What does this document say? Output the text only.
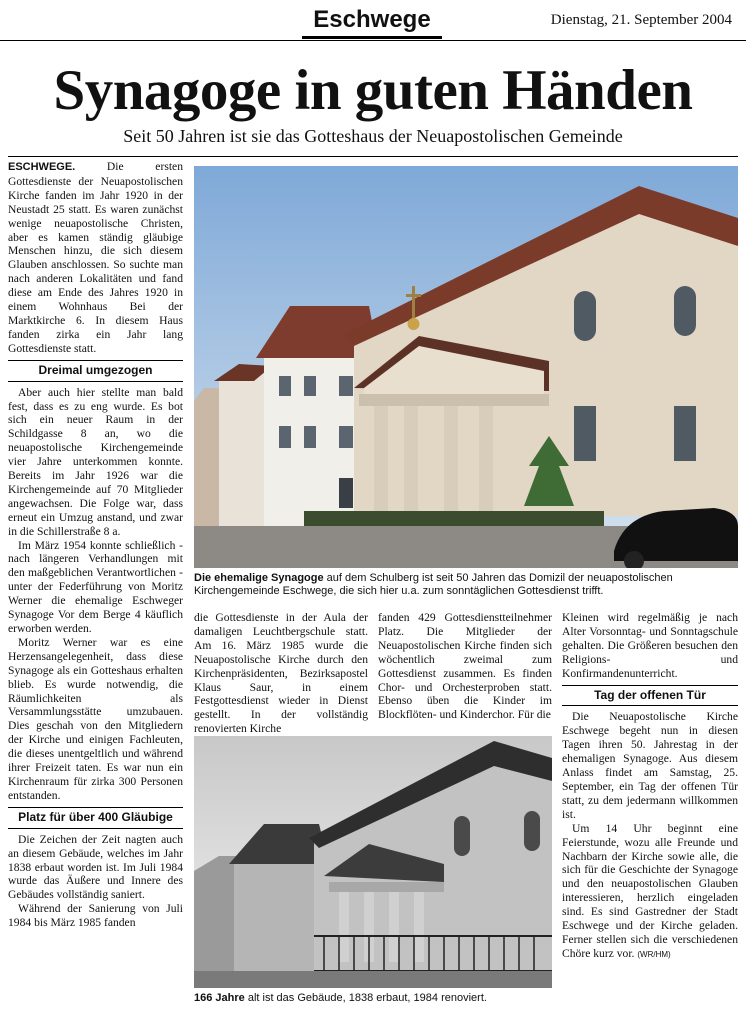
Eschwege	Dienstag, 21. September 2004
Synagoge in guten Händen
Seit 50 Jahren ist sie das Gotteshaus der Neuapostolischen Gemeinde

ESCHWEGE.	Die ersten Gottesdienste der Neuapostolischen Kirche fanden im Jahr 1920 in der Neustadt 25 statt. Es waren zunächst wenige neuapostolische Christen, aber es kamen ständig gläubige Menschen hinzu, die sich diesem Glauben anschlossen. So suchte man nach anderen Lokalitäten und fand diese am Ende des Jahres 1920 in einem Wohnhaus Bei der Marktkirche 6. In diesem Haus fanden zirka ein Jahr lang Gottesdienste statt.

Dreimal umgezogen

Aber auch hier stellte man bald fest, dass es zu eng wurde. Es bot sich ein neuer Raum in der Schildgasse 8 an, wo die neuapostolische Kirchengemeinde vier Jahre unterkommen konnte. Bereits im Jahr 1926 war die Kirchengemeinde auf 70 Mitglieder angewachsen. Die Folge war, dass erneut ein Umzug anstand, und zwar in die Schillerstraße 8 a.

Im März 1954 konnte schließlich - nach längeren Verhandlungen mit den maßgeblichen Verantwortlichen - unter der Federführung von Moritz Werner die ehemalige Eschweger Synagoge Vor dem Berge 4 käuflich erworben werden.

Moritz Werner war es eine Herzensangelegenheit, dass diese Synagoge als ein Gotteshaus erhalten blieb. Es wurde notwendig, die Räumlichkeiten als Versammlungsstätte umzubauen. Dies geschah von den Mitgliedern der Kirche und einigen Fachleuten, die dieses unentgeltlich und während ihrer Freizeit taten. Es war nun ein Kirchenraum für zirka 300 Personen entstanden.

Platz für über 400 Gläubige

Die Zeichen der Zeit nagten auch an diesem Gebäude, welches im Jahr 1838 erbaut worden ist. Im Juli 1984 wurde das Äußere und Innere des Gebäudes vollständig saniert.

Während der Sanierung von Juli 1984 bis März 1985 fanden

Die ehemalige Synagoge auf dem Schulberg ist seit 50 Jahren das Domizil der neuapostolischen Kirchengemeinde Eschwege, die sich hier u.a. zum sonntäglichen Gottesdienst trifft.

die Gottesdienste in der Aula der damaligen Leuchtbergschule statt. Am 16. März 1985 wurde die Neuapostolische Kirche durch den Kirchenpräsidenten, Bezirksapostel Klaus Saur, in einem Festgottesdienst wieder in Dienst gestellt. In der vollständig renovierten Kirche

fanden 429 Gottesdienstteilnehmer Platz. Die Mitglieder der Neuapostolischen Kirche finden sich wöchentlich zweimal zum Gottesdienst zusammen. Es finden Chor- und Orchesterproben statt. Ebenso üben die Kinder im Blockflöten- und Kinderchor. Für die

166 Jahre alt ist das Gebäude, 1838 erbaut, 1984 renoviert.

Kleinen wird regelmäßig je nach Alter Vorsonntag- und Sonntagschule gehalten. Die Größeren besuchen den Religions- und Konfirmandenunterricht.

Tag der offenen Tür

Die Neuapostolische Kirche Eschwege begeht nun in diesen Tagen ihren 50. Jahrestag in der ehemaligen Synagoge. Aus diesem Anlass findet am Samstag, 25. September, ein Tag der offenen Tür statt, zu dem jedermann willkommen ist.

Um 14 Uhr beginnt eine Feierstunde, wozu alle Freunde und Nachbarn der Kirche sowie alle, die sich für die Geschichte der Synagoge und den neuapostolischen Glauben interessieren, herzlich eingeladen sind. Es sind Gastredner der Stadt Eschwege und der Kirche geladen. Ferner stellen sich die verschiedenen Chöre kurz vor. (WR/HM)
